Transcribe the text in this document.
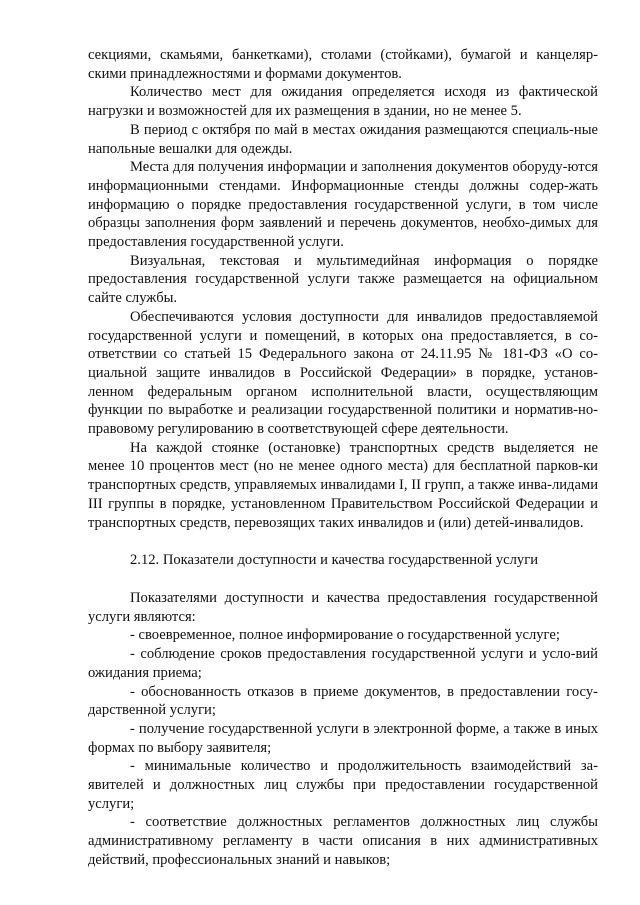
секциями, скамьями, банкетками), столами (стойками), бумагой и канцеляр-скими принадлежностями и формами документов.

Количество мест для ожидания определяется исходя из фактической нагрузки и возможностей для их размещения в здании, но не менее 5.

В период с октября по май в местах ожидания размещаются специаль-ные напольные вешалки для одежды.

Места для получения информации и заполнения документов оборуду-ются информационными стендами. Информационные стенды должны содер-жать информацию о порядке предоставления государственной услуги, в том числе образцы заполнения форм заявлений и перечень документов, необхо-димых для предоставления государственной услуги.

Визуальная, текстовая и мультимедийная информация о порядке предоставления государственной услуги также размещается на официальном сайте службы.

Обеспечиваются условия доступности для инвалидов предоставляемой государственной услуги и помещений, в которых она предоставляется, в со-ответствии со статьей 15 Федерального закона от 24.11.95 № 181-ФЗ «О со-циальной защите инвалидов в Российской Федерации» в порядке, установ-ленном федеральным органом исполнительной власти, осуществляющим функции по выработке и реализации государственной политики и норматив-но-правовому регулированию в соответствующей сфере деятельности.

На каждой стоянке (остановке) транспортных средств выделяется не менее 10 процентов мест (но не менее одного места) для бесплатной парков-ки транспортных средств, управляемых инвалидами I, II групп, а также инва-лидами III группы в порядке, установленном Правительством Российской Федерации и транспортных средств, перевозящих таких инвалидов и (или) детей-инвалидов.

2.12. Показатели доступности и качества государственной услуги

Показателями доступности и качества предоставления государственной услуги являются:

- своевременное, полное информирование о государственной услуге;

- соблюдение сроков предоставления государственной услуги и усло-вий ожидания приема;

- обоснованность отказов в приеме документов, в предоставлении госу-дарственной услуги;

- получение государственной услуги в электронной форме, а также в иных формах по выбору заявителя;

- минимальные количество и продолжительность взаимодействий за-явителей и должностных лиц службы при предоставлении государственной услуги;

- соответствие должностных регламентов должностных лиц службы административному регламенту в части описания в них административных действий, профессиональных знаний и навыков;
